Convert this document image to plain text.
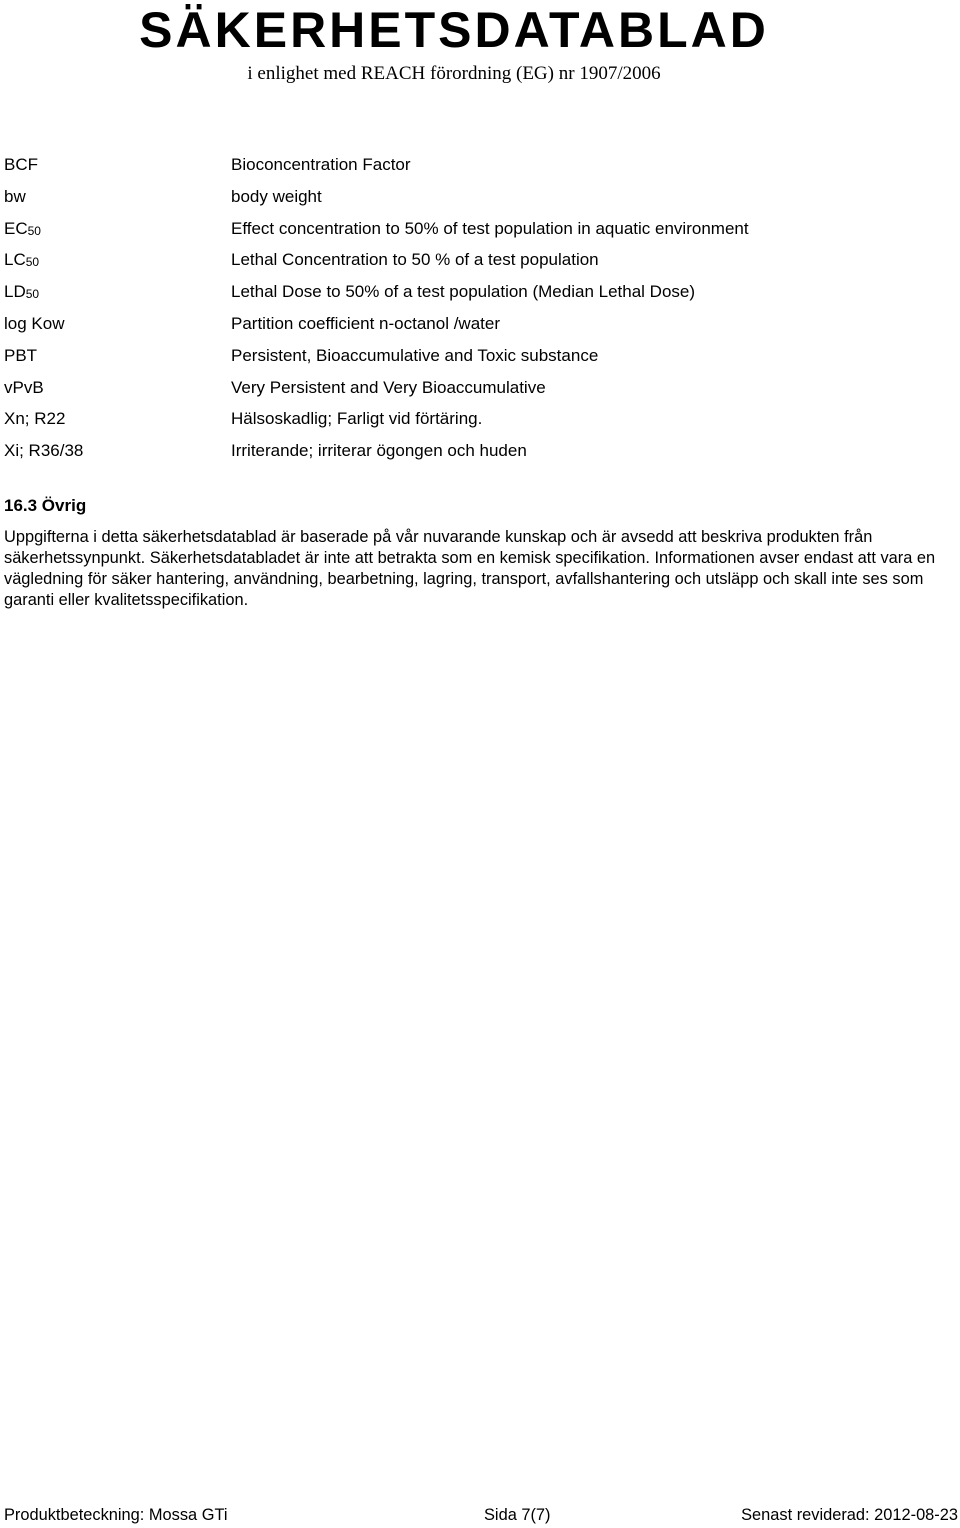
SÄKERHETSDATABLAD
i enlighet med REACH förordning (EG) nr 1907/2006
BCF	Bioconcentration Factor
bw	body weight
$EC_{50}$	Effect concentration to 50% of test population in aquatic environment
$LC_{50}$	Lethal Concentration to 50 % of a test population
$LD_{50}$	Lethal Dose to 50% of a test population (Median Lethal Dose)
log Kow	Partition coefficient n-octanol /water
PBT	Persistent, Bioaccumulative and Toxic substance
vPvB	Very Persistent and Very Bioaccumulative
Xn; R22	Hälsoskadlig; Farligt vid förtäring.
Xi; R36/38	Irriterande; irriterar ögongen och huden
16.3 Övrig

Uppgifterna i detta säkerhetsdatablad är baserade på vår nuvarande kunskap och är avsedd att beskriva produkten från säkerhetssynpunkt. Säkerhetsdatabladet är inte att betrakta som en kemisk specifikation. Informationen avser endast att vara en vägledning för säker hantering, användning, bearbetning, lagring, transport, avfallshantering och utsläpp och skall inte ses som garanti eller kvalitetsspecifikation.

Produktbeteckning: Mossa GTi	Sida 7(7)	Senast reviderad: 2012-08-23
